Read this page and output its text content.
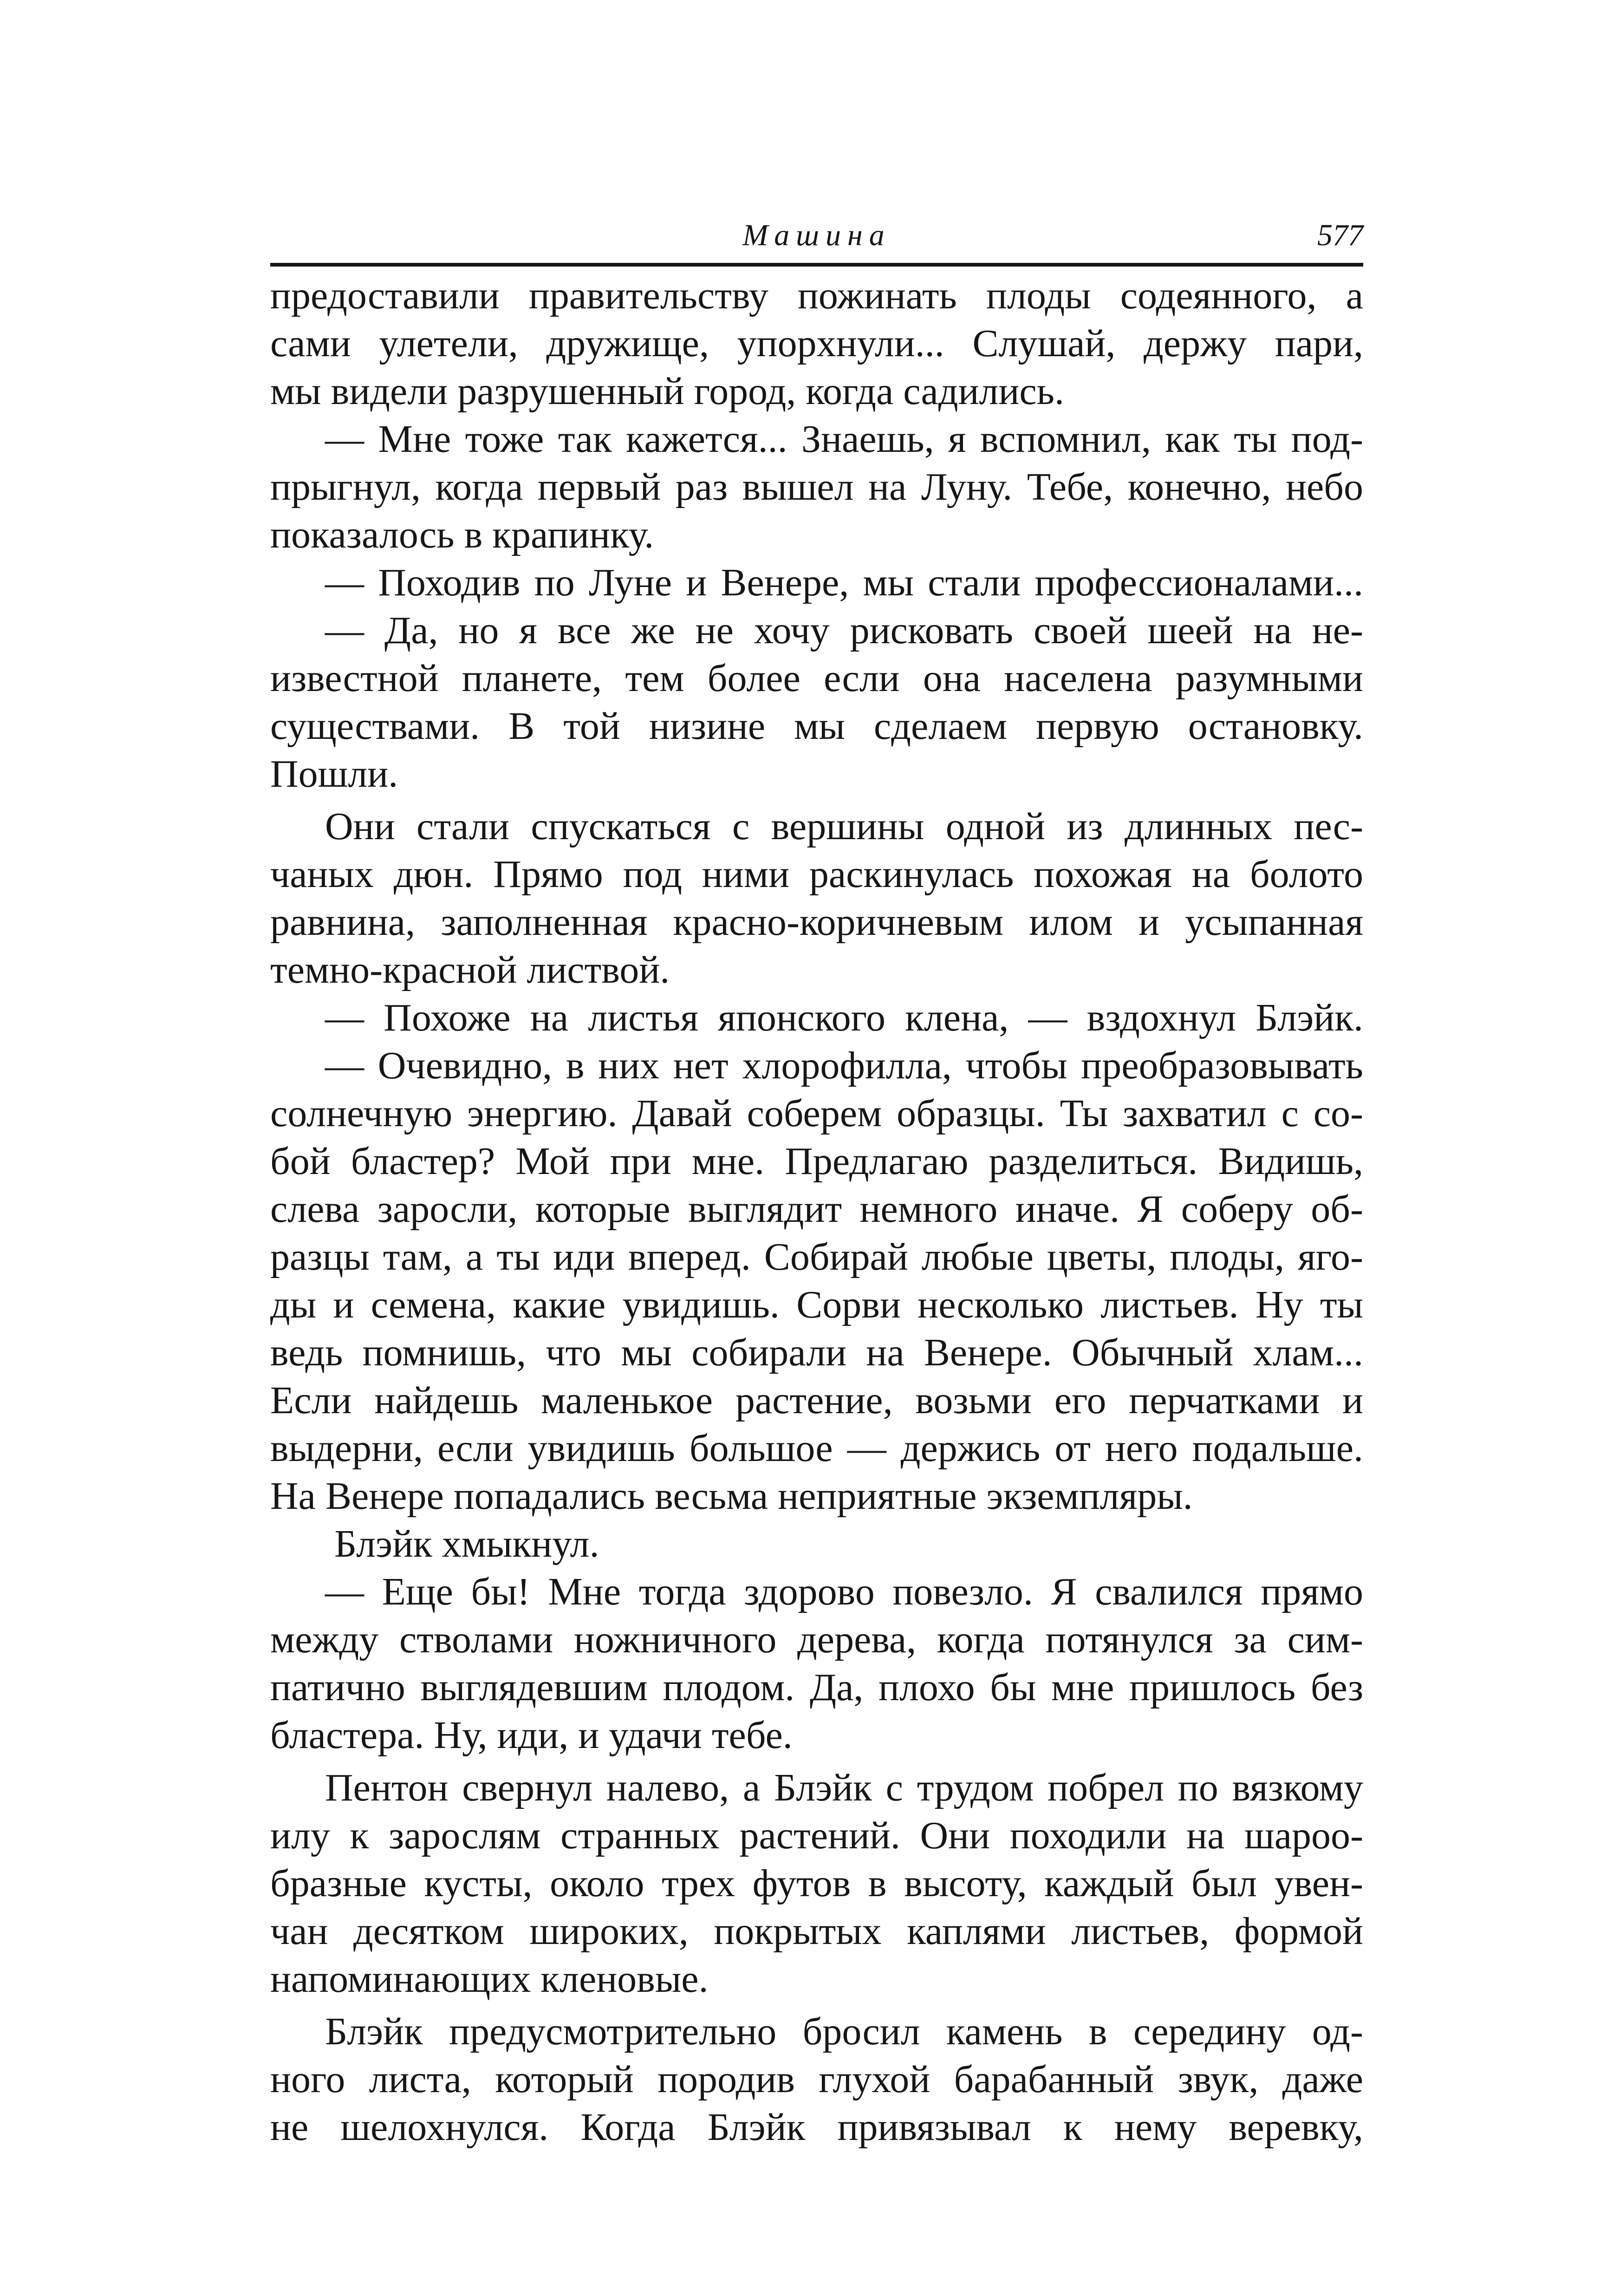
Машина	577
предоставили правительству пожинать плоды содеянного, а
сами улетели, дружище, упорхнули... Слушай, держу пари,
мы видели разрушенный город, когда садились.
— Мне тоже так кажется... Знаешь, я вспомнил, как ты под-
прыгнул, когда первый раз вышел на Луну. Тебе, конечно, небо
показалось в крапинку.
— Походив по Луне и Венере, мы стали профессионалами...
— Да, но я все же не хочу рисковать своей шеей на не-
известной планете, тем более если она населена разумными
существами. В той низине мы сделаем первую остановку.
Пошли.
Они стали спускаться с вершины одной из длинных пес-
чаных дюн. Прямо под ними раскинулась похожая на болото
равнина, заполненная красно-коричневым илом и усыпанная
темно-красной листвой.
— Похоже на листья японского клена, — вздохнул Блэйк.
— Очевидно, в них нет хлорофилла, чтобы преобразовывать
солнечную энергию. Давай соберем образцы. Ты захватил с со-
бой бластер? Мой при мне. Предлагаю разделиться. Видишь,
слева заросли, которые выглядит немного иначе. Я соберу об-
разцы там, а ты иди вперед. Собирай любые цветы, плоды, яго-
ды и семена, какие увидишь. Сорви несколько листьев. Ну ты
ведь помнишь, что мы собирали на Венере. Обычный хлам...
Если найдешь маленькое растение, возьми его перчатками и
выдерни, если увидишь большое — держись от него подальше.
На Венере попадались весьма неприятные экземпляры.
Блэйк хмыкнул.
— Еще бы! Мне тогда здорово повезло. Я свалился прямо
между стволами ножничного дерева, когда потянулся за сим-
патично выглядевшим плодом. Да, плохо бы мне пришлось без
бластера. Ну, иди, и удачи тебе.
Пентон свернул налево, а Блэйк с трудом побрел по вязкому
илу к зарослям странных растений. Они походили на шароо-
бразные кусты, около трех футов в высоту, каждый был увен-
чан десятком широких, покрытых каплями листьев, формой
напоминающих кленовые.
Блэйк предусмотрительно бросил камень в середину од-
ного листа, который породив глухой барабанный звук, даже
не шелохнулся. Когда Блэйк привязывал к нему веревку,
